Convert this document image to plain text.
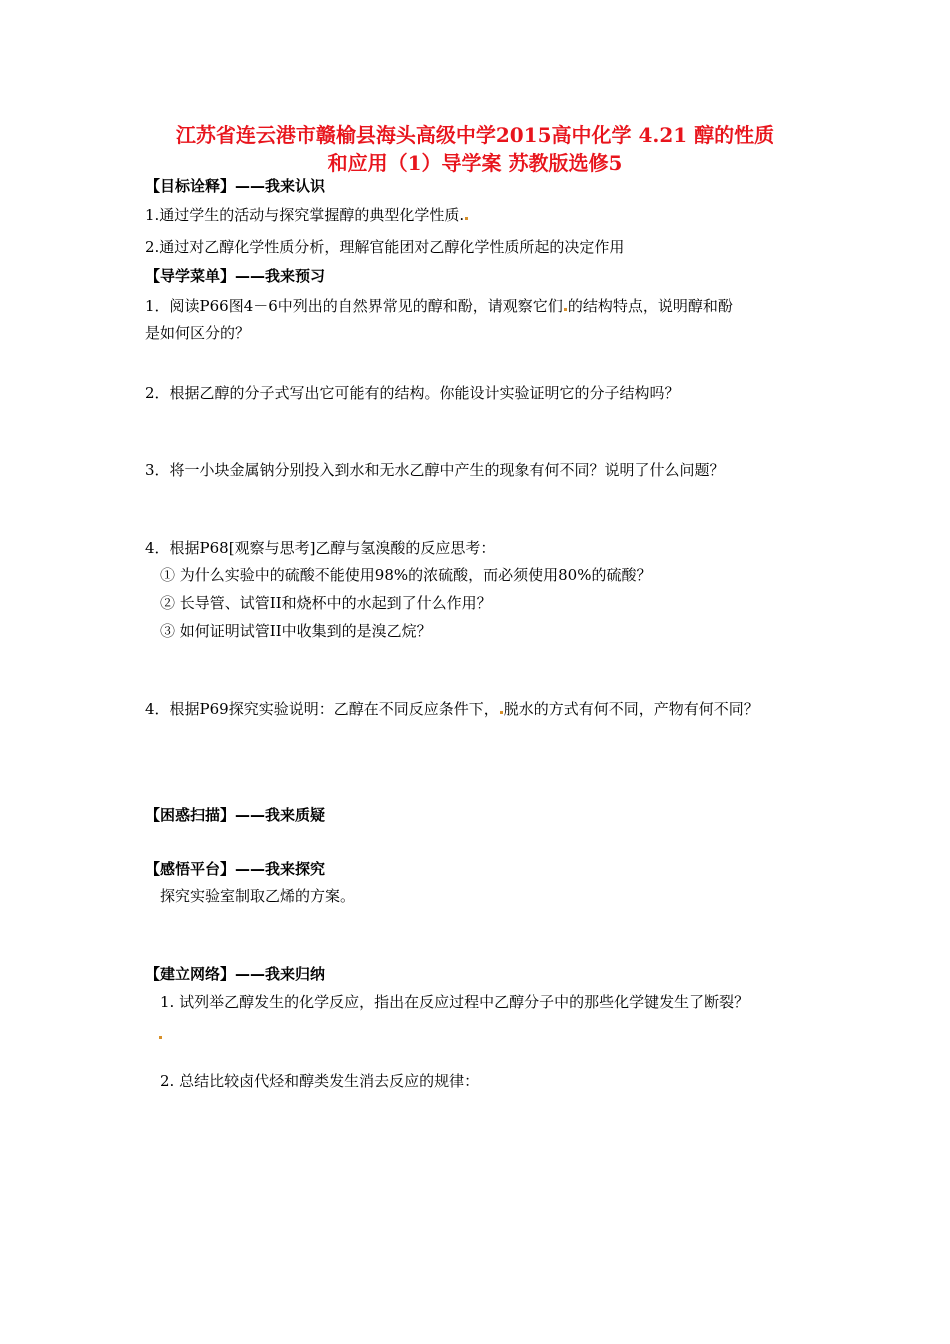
江苏省连云港市赣榆县海头高级中学2015高中化学 4.21 醇的性质
和应用（1）导学案 苏教版选修5
【目标诠释】——我来认识
1.通过学生的活动与探究掌握醇的典型化学性质.
2.通过对乙醇化学性质分析，理解官能团对乙醇化学性质所起的决定作用
【导学菜单】——我来预习
1．阅读P66图4－6中列出的自然界常见的醇和酚，请观察它们 的结构特点，说明醇和酚
是如何区分的？
2．根据乙醇的分子式写出它可能有的结构。你能设计实验证明它的分子结构吗？
3．将一小块金属钠分别投入到水和无水乙醇中产生的现象有何不同？说明了什么问题？
4．根据P68[观察与思考]乙醇与氢溴酸的反应思考：
① 为什么实验中的硫酸不能使用98%的浓硫酸，而必须使用80%的硫酸？
② 长导管、试管II和烧杯中的水起到了什么作用？
③ 如何证明试管II中收集到的是溴乙烷？
4．根据P69探究实验说明：乙醇在不同反应条件下， 脱水的方式有何不同，产物有何不同？
【困惑扫描】——我来质疑
【感悟平台】——我来探究
探究实验室制取乙烯的方案。
【建立网络】——我来归纳
1. 试列举乙醇发生的化学反应，指出在反应过程中乙醇分子中的那些化学键发生了断裂？
2. 总结比较卤代烃和醇类发生消去反应的规律：
